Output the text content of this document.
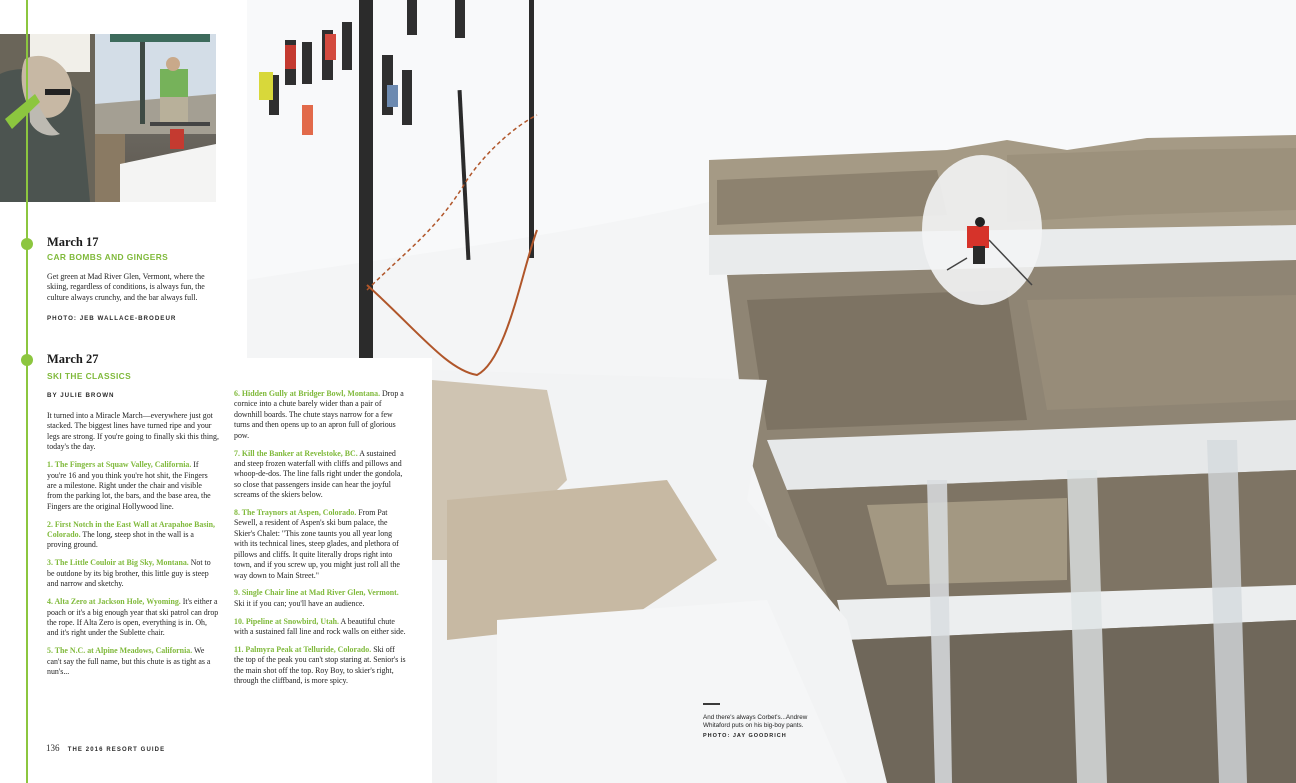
March 17
CAR BOMBS AND GINGERS
Get green at Mad River Glen, Vermont, where the skiing, regardless of conditions, is always fun, the culture always crunchy, and the bar always full.
PHOTO: JEB WALLACE-BRODEUR
March 27
SKI THE CLASSICS
BY JULIE BROWN

It turned into a Miracle March—everywhere just got stacked. The biggest lines have turned ripe and your legs are strong. If you're going to finally ski this thing, today's the day.

1. The Fingers at Squaw Valley, California. If you're 16 and you think you're hot shit, the Fingers are a milestone. Right under the chair and visible from the parking lot, the bars, and the base area, the Fingers are the original Hollywood line.

2. First Notch in the East Wall at Arapahoe Basin, Colorado. The long, steep shot in the wall is a proving ground.

3. The Little Couloir at Big Sky, Montana. Not to be outdone by its big brother, this little guy is steep and narrow and sketchy.

4. Alta Zero at Jackson Hole, Wyoming. It's either a poach or it's a big enough year that ski patrol can drop the rope. If Alta Zero is open, everything is in. Oh, and it's right under the Sublette chair.

5. The N.C. at Alpine Meadows, California. We can't say the full name, but this chute is as tight as a nun's...

6. Hidden Gully at Bridger Bowl, Montana. Drop a cornice into a chute barely wider than a pair of downhill boards. The chute stays narrow for a few turns and then opens up to an apron full of glorious pow.

7. Kill the Banker at Revelstoke, BC. A sustained and steep frozen waterfall with cliffs and pillows and whoop-de-dos. The line falls right under the gondola, so close that passengers inside can hear the joyful screams of the skiers below.

8. The Traynors at Aspen, Colorado. From Pat Sewell, a resident of Aspen's ski bum palace, the Skier's Chalet: "This zone taunts you all year long with its technical lines, steep glades, and plethora of pillows and cliffs. It quite literally drops right into town, and if you screw up, you might just roll all the way down to Main Street."

9. Single Chair line at Mad River Glen, Vermont. Ski it if you can; you'll have an audience.

10. Pipeline at Snowbird, Utah. A beautiful chute with a sustained fall line and rock walls on either side.

11. Palmyra Peak at Telluride, Colorado. Ski off the top of the peak you can't stop staring at. Senior's is the main shot off the top. Roy Boy, to skier's right, through the cliffband, is more spicy.

136 THE 2016 RESORT GUIDE
And there's always Corbet's...Andrew Whitaford puts on his big-boy pants.
PHOTO: JAY GOODRICH
